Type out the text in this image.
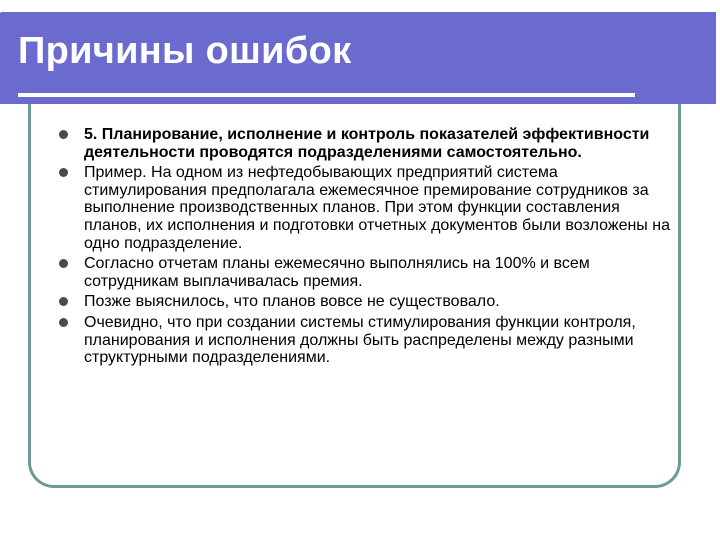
Причины ошибок
5. Планирование, исполнение и контроль показателей эффективности деятельности проводятся подразделениями самостоятельно.
Пример. На одном из нефтедобывающих предприятий система стимулирования предполагала ежемесячное премирование сотрудников за выполнение производственных планов. При этом функции составления планов, их исполнения и подготовки отчетных документов были возложены на одно подразделение.
Согласно отчетам планы ежемесячно выполнялись на 100% и всем сотрудникам выплачивалась премия.
Позже выяснилось, что планов вовсе не существовало.
Очевидно, что при создании системы стимулирования функции контроля, планирования и исполнения должны быть распределены между разными структурными подразделениями.
